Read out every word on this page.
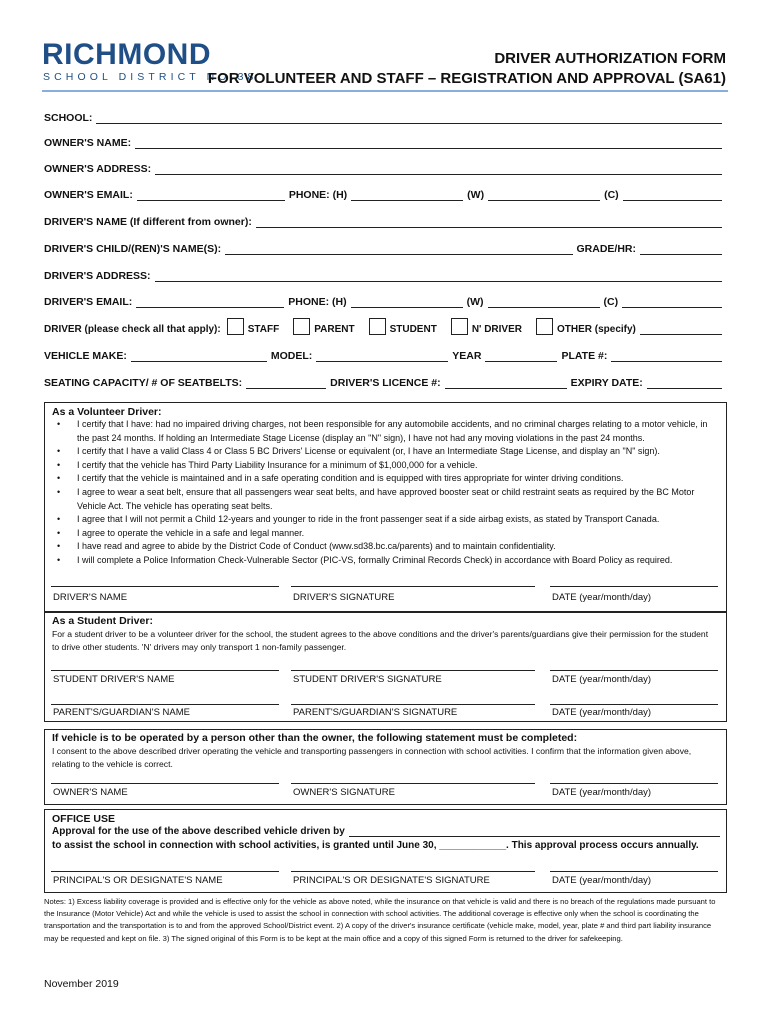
RICHMOND
SCHOOL DISTRICT NO.38
DRIVER AUTHORIZATION FORM
FOR VOLUNTEER AND STAFF – REGISTRATION AND APPROVAL (SA61)
SCHOOL:
OWNER'S NAME:
OWNER'S ADDRESS:
OWNER'S EMAIL:	PHONE: (H)	(W)	(C)
DRIVER'S NAME (If different from owner):
DRIVER'S CHILD/(REN)'S NAME(S):	GRADE/HR:
DRIVER'S ADDRESS:
DRIVER'S EMAIL:	PHONE: (H)	(W)	(C)
DRIVER (please check all that apply):	STAFF	PARENT	STUDENT	N' DRIVER	OTHER (specify)
VEHICLE MAKE:	MODEL:	YEAR	PLATE #:
SEATING CAPACITY/ # OF SEATBELTS:	DRIVER'S LICENCE #:	EXPIRY DATE:
As a Volunteer Driver:
• I certify that I have: had no impaired driving charges, not been responsible for any automobile accidents, and no criminal charges relating to a motor vehicle, in the past 24 months. If holding an Intermediate Stage License (display an "N" sign), I have not had any moving violations in the past 24 months.
• I certify that I have a valid Class 4 or Class 5 BC Drivers' License or equivalent (or, I have an Intermediate Stage License, and display an "N" sign).
• I certify that the vehicle has Third Party Liability Insurance for a minimum of $1,000,000 for a vehicle.
• I certify that the vehicle is maintained and in a safe operating condition and is equipped with tires appropriate for winter driving conditions.
• I agree to wear a seat belt, ensure that all passengers wear seat belts, and have approved booster seat or child restraint seats as required by the BC Motor Vehicle Act. The vehicle has operating seat belts.
• I agree that I will not permit a Child 12-years and younger to ride in the front passenger seat if a side airbag exists, as stated by Transport Canada.
• I agree to operate the vehicle in a safe and legal manner.
• I have read and agree to abide by the District Code of Conduct (www.sd38.bc.ca/parents) and to maintain confidentiality.
• I will complete a Police Information Check-Vulnerable Sector (PIC-VS, formally Criminal Records Check) in accordance with Board Policy as required.
DRIVER'S NAME	DRIVER'S SIGNATURE	DATE (year/month/day)
As a Student Driver:
For a student driver to be a volunteer driver for the school, the student agrees to the above conditions and the driver's parents/guardians give their permission for the student to drive other students. 'N' drivers may only transport 1 non-family passenger.
STUDENT DRIVER'S NAME	STUDENT DRIVER'S SIGNATURE	DATE (year/month/day)
PARENT'S/GUARDIAN'S NAME	PARENT'S/GUARDIAN'S SIGNATURE	DATE (year/month/day)
If vehicle is to be operated by a person other than the owner, the following statement must be completed:
I consent to the above described driver operating the vehicle and transporting passengers in connection with school activities. I confirm that the information given above, relating to the vehicle is correct.
OWNER'S NAME	OWNER'S SIGNATURE	DATE (year/month/day)
OFFICE USE
Approval for the use of the above described vehicle driven by
to assist the school in connection with school activities, is granted until June 30, ____________. This approval process occurs annually.
PRINCIPAL'S OR DESIGNATE'S NAME	PRINCIPAL'S OR DESIGNATE'S SIGNATURE	DATE (year/month/day)
Notes: 1) Excess liability coverage is provided and is effective only for the vehicle as above noted, while the insurance on that vehicle is valid and there is no breach of the regulations made pursuant to the Insurance (Motor Vehicle) Act and while the vehicle is used to assist the school in connection with school activities. The additional coverage is effective only when the school is coordinating the transportation and the transportation is to and from the approved School/District event. 2) A copy of the driver's insurance certificate (vehicle make, model, year, plate # and third part liability insurance may be requested and kept on file. 3) The signed original of this Form is to be kept at the main office and a copy of this signed Form is returned to the driver for safekeeping.
November 2019
